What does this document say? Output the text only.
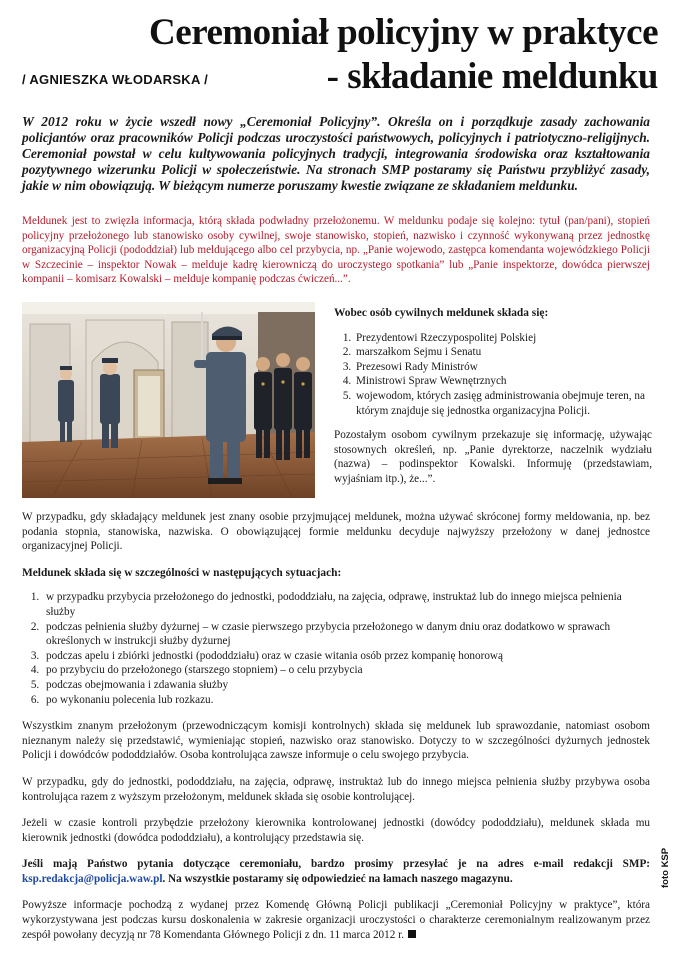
Ceremoniał policyjny w praktyce
- składanie meldunku
/ AGNIESZKA WŁODARSKA /
W 2012 roku w życie wszedł nowy „Ceremoniał Policyjny”. Określa on i porządkuje zasady zachowania policjantów oraz pracowników Policji podczas uroczystości państwowych, policyjnych i patriotyczno-religijnych. Ceremoniał powstał w celu kultywowania policyjnych tradycji, integrowania środowiska oraz kształtowania pozytywnego wizerunku Policji w społeczeństwie. Na stronach SMP postaramy się Państwu przybliżyć zasady, jakie w nim obowiązują. W bieżącym numerze poruszamy kwestie związane ze składaniem meldunku.
Meldunek jest to zwięzła informacja, którą składa podwładny przełożonemu. W meldunku podaje się kolejno: tytuł (pan/pani), stopień policyjny przełożonego lub stanowisko osoby cywilnej, swoje stanowisko, stopień, nazwisko i czynność wykonywaną przez jednostkę organizacyjną Policji (pododdział) lub meldującego albo cel przybycia, np. „Panie wojewodo, zastępca komendanta wojewódzkiego Policji w Szczecinie – inspektor Nowak – melduje kadrę kierowniczą do uroczystego spotkania” lub „Panie inspektorze, dowódca pierwszej kompanii – komisarz Kowalski – melduje kompanię podczas ćwiczeń...”.
Wobec osób cywilnych meldunek składa się:
1. Prezydentowi Rzeczypospolitej Polskiej
2. marszałkom Sejmu i Senatu
3. Prezesowi Rady Ministrów
4. Ministrowi Spraw Wewnętrznych
5. wojewodom, których zasięg administrowania obejmuje teren, na którym znajduje się jednostka organizacyjna Policji.

Pozostałym osobom cywilnym przekazuje się informację, używając stosownych określeń, np. „Panie dyrektorze, naczelnik wydziału (nazwa) – podinspektor Kowalski. Informuję (przedstawiam, wyjaśniam itp.), że...”.

W przypadku, gdy składający meldunek jest znany osobie przyjmującej meldunek, można używać skróconej formy meldowania, np. bez podania stopnia, stanowiska, nazwiska. O obowiązującej formie meldunku decyduje najwyższy przełożony w danej jednostce organizacyjnej Policji.

Meldunek składa się w szczególności w następujących sytuacjach:
1. w przypadku przybycia przełożonego do jednostki, pododdziału, na zajęcia, odprawę, instruktaż lub do innego miejsca pełnienia służby
2. podczas pełnienia służby dyżurnej – w czasie pierwszego przybycia przełożonego w danym dniu oraz dodatkowo w sprawach określonych w instrukcji służby dyżurnej
3. podczas apelu i zbiórki jednostki (pododdziału) oraz w czasie witania osób przez kompanię honorową
4. po przybyciu do przełożonego (starszego stopniem) – o celu przybycia
5. podczas obejmowania i zdawania służby
6. po wykonaniu polecenia lub rozkazu.

Wszystkim znanym przełożonym (przewodniczącym komisji kontrolnych) składa się meldunek lub sprawozdanie, natomiast osobom nieznanym należy się przedstawić, wymieniając stopień, nazwisko oraz stanowisko. Dotyczy to w szczególności dyżurnych jednostek Policji i dowódców pododdziałów. Osoba kontrolująca zawsze informuje o celu swojego przybycia.

W przypadku, gdy do jednostki, pododdziału, na zajęcia, odprawę, instruktaż lub do innego miejsca pełnienia służby przybywa osoba kontrolująca razem z wyższym przełożonym, meldunek składa się osobie kontrolującej.

Jeżeli w czasie kontroli przybędzie przełożony kierownika kontrolowanej jednostki (dowódcy pododdziału), meldunek składa mu kierownik jednostki (dowódca pododdziału), a kontrolujący przedstawia się.

Jeśli mają Państwo pytania dotyczące ceremoniału, bardzo prosimy przesyłać je na adres e-mail redakcji SMP: ksp.redakcja@policja.waw.pl. Na wszystkie postaramy się odpowiedzieć na łamach naszego magazynu.

Powyższe informacje pochodzą z wydanej przez Komendę Główną Policji publikacji „Ceremoniał Policyjny w praktyce”, która wykorzystywana jest podczas kursu doskonalenia w zakresie organizacji uroczystości o charakterze ceremonialnym realizowanym przez zespół powołany decyzją nr 78 Komendanta Głównego Policji z dn. 11 marca 2012 r.

foto KSP
